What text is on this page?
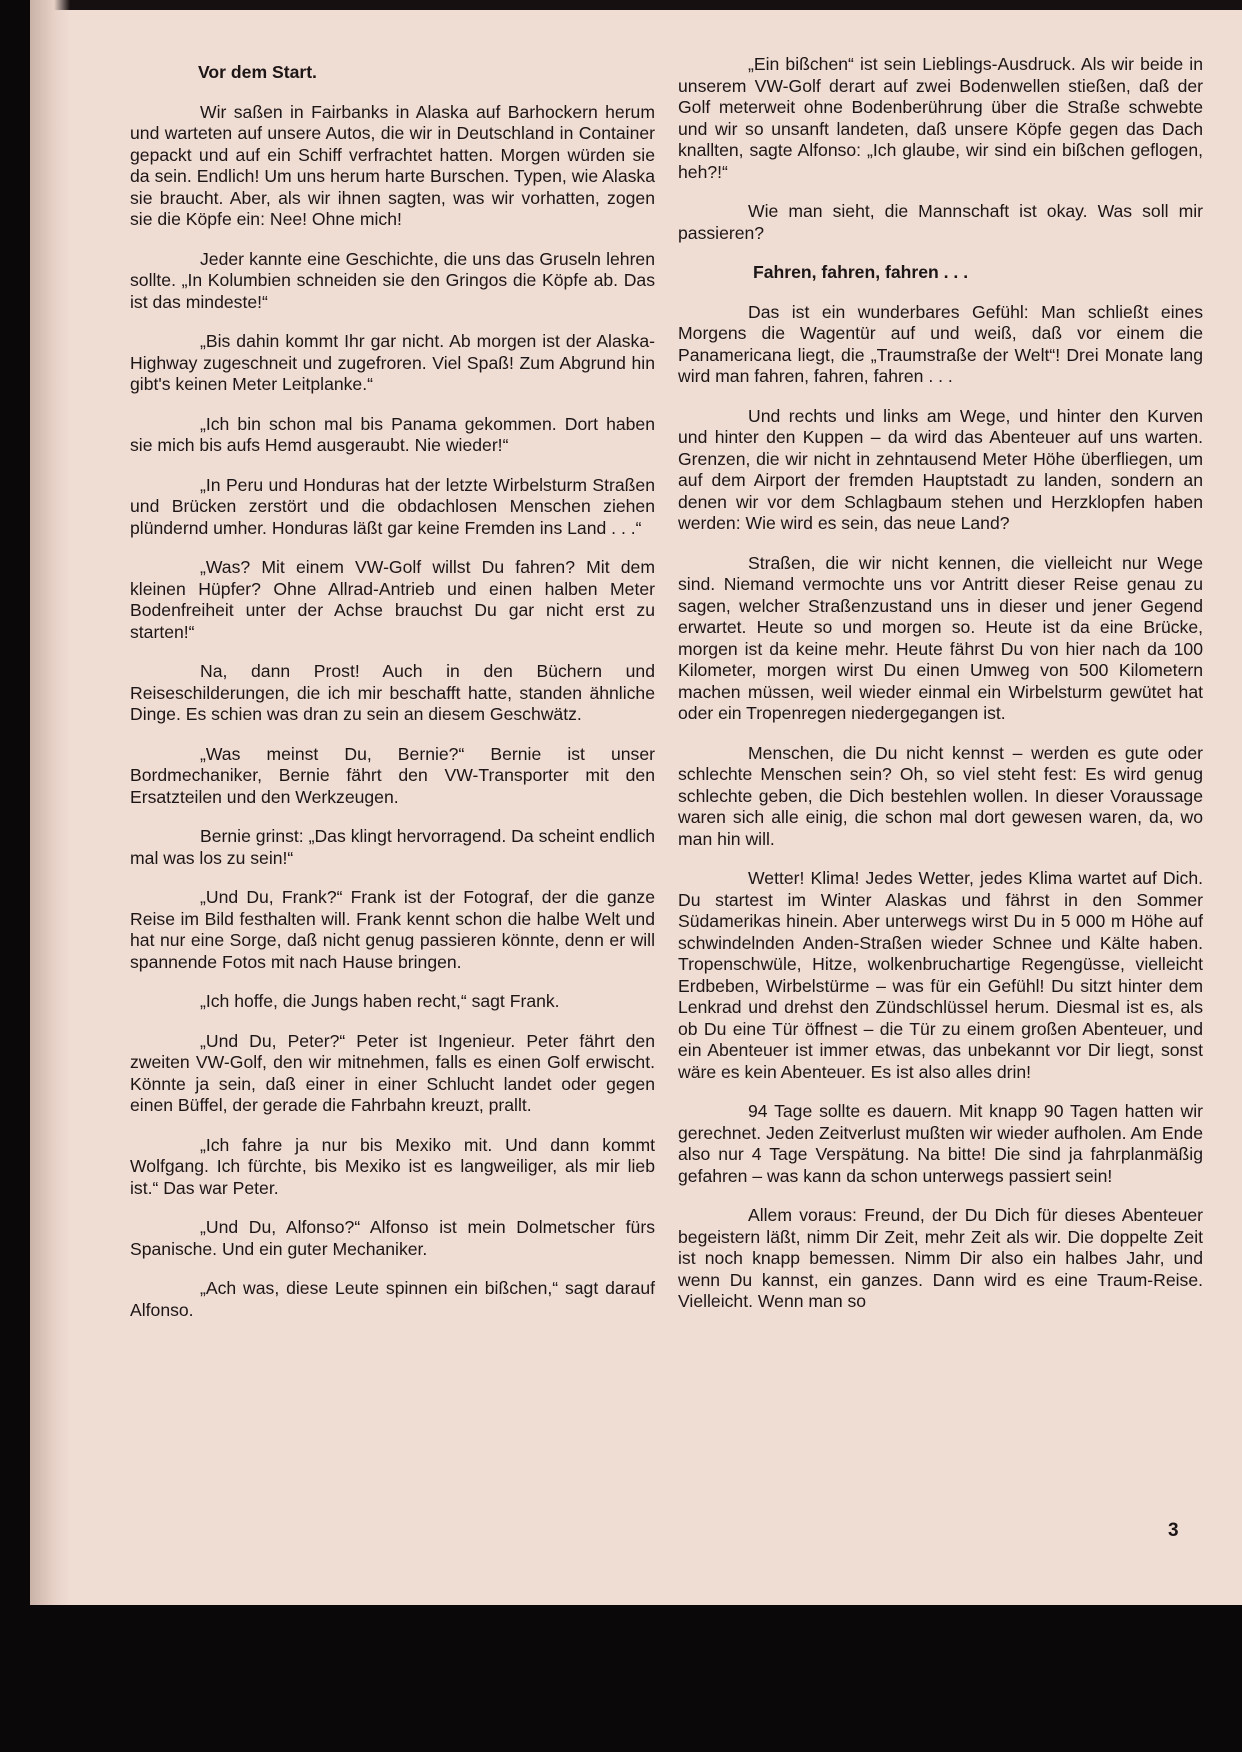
Vor dem Start.

Wir saßen in Fairbanks in Alaska auf Barhockern herum und warteten auf unsere Autos, die wir in Deutschland in Container gepackt und auf ein Schiff verfrachtet hatten. Morgen würden sie da sein. Endlich! Um uns herum harte Burschen. Typen, wie Alaska sie braucht. Aber, als wir ihnen sagten, was wir vorhatten, zogen sie die Köpfe ein: Nee! Ohne mich!

Jeder kannte eine Geschichte, die uns das Gruseln lehren sollte. „In Kolumbien schneiden sie den Gringos die Köpfe ab. Das ist das mindeste!“

„Bis dahin kommt Ihr gar nicht. Ab morgen ist der Alaska-Highway zugeschneit und zugefroren. Viel Spaß! Zum Abgrund hin gibt's keinen Meter Leitplanke.“

„Ich bin schon mal bis Panama gekommen. Dort haben sie mich bis aufs Hemd ausgeraubt. Nie wieder!“

„In Peru und Honduras hat der letzte Wirbelsturm Straßen und Brücken zerstört und die obdachlosen Menschen ziehen plündernd umher. Honduras läßt gar keine Fremden ins Land . . .“

„Was? Mit einem VW-Golf willst Du fahren? Mit dem kleinen Hüpfer? Ohne Allrad-Antrieb und einen halben Meter Bodenfreiheit unter der Achse brauchst Du gar nicht erst zu starten!“

Na, dann Prost! Auch in den Büchern und Reiseschilderungen, die ich mir beschafft hatte, standen ähnliche Dinge. Es schien was dran zu sein an diesem Geschwätz.

„Was meinst Du, Bernie?“ Bernie ist unser Bordmechaniker, Bernie fährt den VW-Transporter mit den Ersatzteilen und den Werkzeugen.

Bernie grinst: „Das klingt hervorragend. Da scheint endlich mal was los zu sein!“

„Und Du, Frank?“ Frank ist der Fotograf, der die ganze Reise im Bild festhalten will. Frank kennt schon die halbe Welt und hat nur eine Sorge, daß nicht genug passieren könnte, denn er will spannende Fotos mit nach Hause bringen.

„Ich hoffe, die Jungs haben recht,“ sagt Frank.

„Und Du, Peter?“ Peter ist Ingenieur. Peter fährt den zweiten VW-Golf, den wir mitnehmen, falls es einen Golf erwischt. Könnte ja sein, daß einer in einer Schlucht landet oder gegen einen Büffel, der gerade die Fahrbahn kreuzt, prallt.

„Ich fahre ja nur bis Mexiko mit. Und dann kommt Wolfgang. Ich fürchte, bis Mexiko ist es langweiliger, als mir lieb ist.“ Das war Peter.

„Und Du, Alfonso?“ Alfonso ist mein Dolmetscher fürs Spanische. Und ein guter Mechaniker.

„Ach was, diese Leute spinnen ein bißchen,“ sagt darauf Alfonso.

„Ein bißchen“ ist sein Lieblings-Ausdruck. Als wir beide in unserem VW-Golf derart auf zwei Bodenwellen stießen, daß der Golf meterweit ohne Bodenberührung über die Straße schwebte und wir so unsanft landeten, daß unsere Köpfe gegen das Dach knallten, sagte Alfonso: „Ich glaube, wir sind ein bißchen geflogen, heh?!“

Wie man sieht, die Mannschaft ist okay. Was soll mir passieren?

Fahren, fahren, fahren . . .

Das ist ein wunderbares Gefühl: Man schließt eines Morgens die Wagentür auf und weiß, daß vor einem die Panamericana liegt, die „Traumstraße der Welt“! Drei Monate lang wird man fahren, fahren, fahren . . .

Und rechts und links am Wege, und hinter den Kurven und hinter den Kuppen – da wird das Abenteuer auf uns warten. Grenzen, die wir nicht in zehntausend Meter Höhe überfliegen, um auf dem Airport der fremden Hauptstadt zu landen, sondern an denen wir vor dem Schlagbaum stehen und Herzklopfen haben werden: Wie wird es sein, das neue Land?

Straßen, die wir nicht kennen, die vielleicht nur Wege sind. Niemand vermochte uns vor Antritt dieser Reise genau zu sagen, welcher Straßenzustand uns in dieser und jener Gegend erwartet. Heute so und morgen so. Heute ist da eine Brücke, morgen ist da keine mehr. Heute fährst Du von hier nach da 100 Kilometer, morgen wirst Du einen Umweg von 500 Kilometern machen müssen, weil wieder einmal ein Wirbelsturm gewütet hat oder ein Tropenregen niedergegangen ist.

Menschen, die Du nicht kennst – werden es gute oder schlechte Menschen sein? Oh, so viel steht fest: Es wird genug schlechte geben, die Dich bestehlen wollen. In dieser Voraussage waren sich alle einig, die schon mal dort gewesen waren, da, wo man hin will.

Wetter! Klima! Jedes Wetter, jedes Klima wartet auf Dich. Du startest im Winter Alaskas und fährst in den Sommer Südamerikas hinein. Aber unterwegs wirst Du in 5 000 m Höhe auf schwindelnden Anden-Straßen wieder Schnee und Kälte haben. Tropenschwüle, Hitze, wolkenbruchartige Regengüsse, vielleicht Erdbeben, Wirbelstürme – was für ein Gefühl! Du sitzt hinter dem Lenkrad und drehst den Zündschlüssel herum. Diesmal ist es, als ob Du eine Tür öffnest – die Tür zu einem großen Abenteuer, und ein Abenteuer ist immer etwas, das unbekannt vor Dir liegt, sonst wäre es kein Abenteuer. Es ist also alles drin!

94 Tage sollte es dauern. Mit knapp 90 Tagen hatten wir gerechnet. Jeden Zeitverlust mußten wir wieder aufholen. Am Ende also nur 4 Tage Verspätung. Na bitte! Die sind ja fahrplanmäßig gefahren – was kann da schon unterwegs passiert sein!

Allem voraus: Freund, der Du Dich für dieses Abenteuer begeistern läßt, nimm Dir Zeit, mehr Zeit als wir. Die doppelte Zeit ist noch knapp bemessen. Nimm Dir also ein halbes Jahr, und wenn Du kannst, ein ganzes. Dann wird es eine Traum-Reise. Vielleicht. Wenn man so

3
